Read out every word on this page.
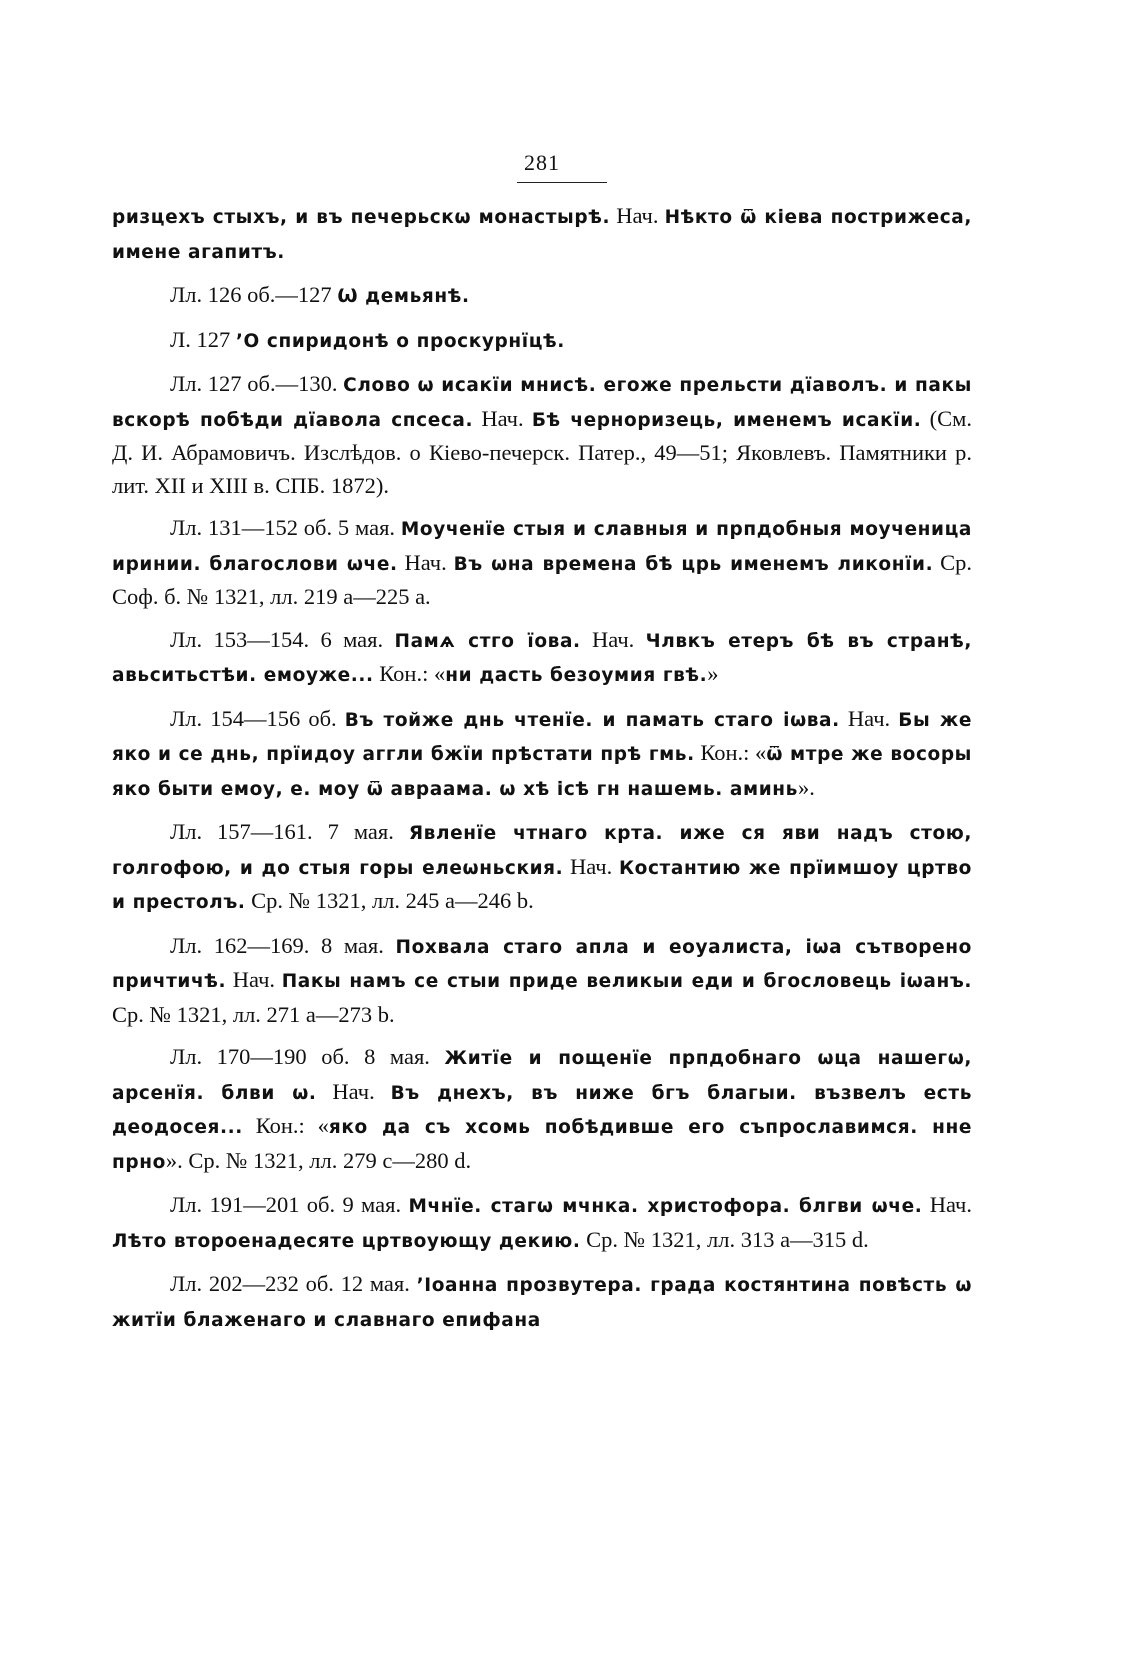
281

ризцехъ стыхъ, и въ печерьскѡ монастырѣ. Нач. Нѣкто ѿ кіева пострижеса, имене агапитъ.

Лл. 126 об.—127 Ѡ демьянѣ.

Л. 127 ’О спиридонѣ о проскурнїцѣ.

Лл. 127 об.—130. Слово ѡ исакїи мнисѣ. егоже прельсти дїаволъ. и пакы вскорѣ побѣди дїавола спсеса. Нач. Бѣ черноризець, именемъ исакїи. (См. Д. И. Абрамовичъ. Изслѣдов. о Кіево-печерск. Патер., 49—51; Яковлевъ. Памятники р. лит. XII и XIII в. СПБ. 1872).

Лл. 131—152 об. 5 мая. Моученїе стыя и славныя и прпдобныя моученица иринии. благослови ѡче. Нач. Въ ѡна времена бѣ црь именемъ ликонїи. Ср. Соф. б. № 1321, лл. 219 a—225 a.

Лл. 153—154. 6 мая. Памѧ стго їова. Нач. Члвкъ етеръ бѣ въ странѣ, авьситьстѣи. емоуже... Кон.: «ни дасть безоумия гвѣ.»

Лл. 154—156 об. Въ тойже днь чтенїе. и памать стаго iѡва. Нач. Бы же яко и се днь, прїидоу аггли бжїи прѣстати прѣ гмь. Кон.: «ѿ мтре же восоры яко быти емоу, е. моу ѿ авраама. ѡ хѣ ісѣ гн нашемь. аминь».

Лл. 157—161. 7 мая. Явленїе чтнаго крта. иже ся яви надъ стою, голгофою, и до стыя горы елеѡньския. Нач. Костантию же прїимшоу цртво и престолъ. Ср. № 1321, лл. 245 a—246 b.

Лл. 162—169. 8 мая. Похвала стаго апла и еоуалиста, iѡа сътворено причтичѣ. Нач. Пакы намъ се стыи приде великыи еди и бгословець iѡанъ. Ср. № 1321, лл. 271 a—273 b.

Лл. 170—190 об. 8 мая. Житїе и пощенїе прпдобнаго ѡца нашегѡ, арсенїя. блви ѡ. Нач. Въ днехъ, въ ниже бгъ благыи. възвелъ есть деодосея... Кон.: «яко да съ хсомь побѣдивше его съпрославимся. нне прно». Ср. № 1321, лл. 279 c—280 d.

Лл. 191—201 об. 9 мая. Мчнїе. стагѡ мчнка. христофора. блгви ѡче. Нач. Лѣто второенадесяте цртвоующу декию. Ср. № 1321, лл. 313 a—315 d.

Лл. 202—232 об. 12 мая. ’Iоанна прозвутера. града костянтина повѣсть ѡ житїи блаженаго и славнаго епифана
